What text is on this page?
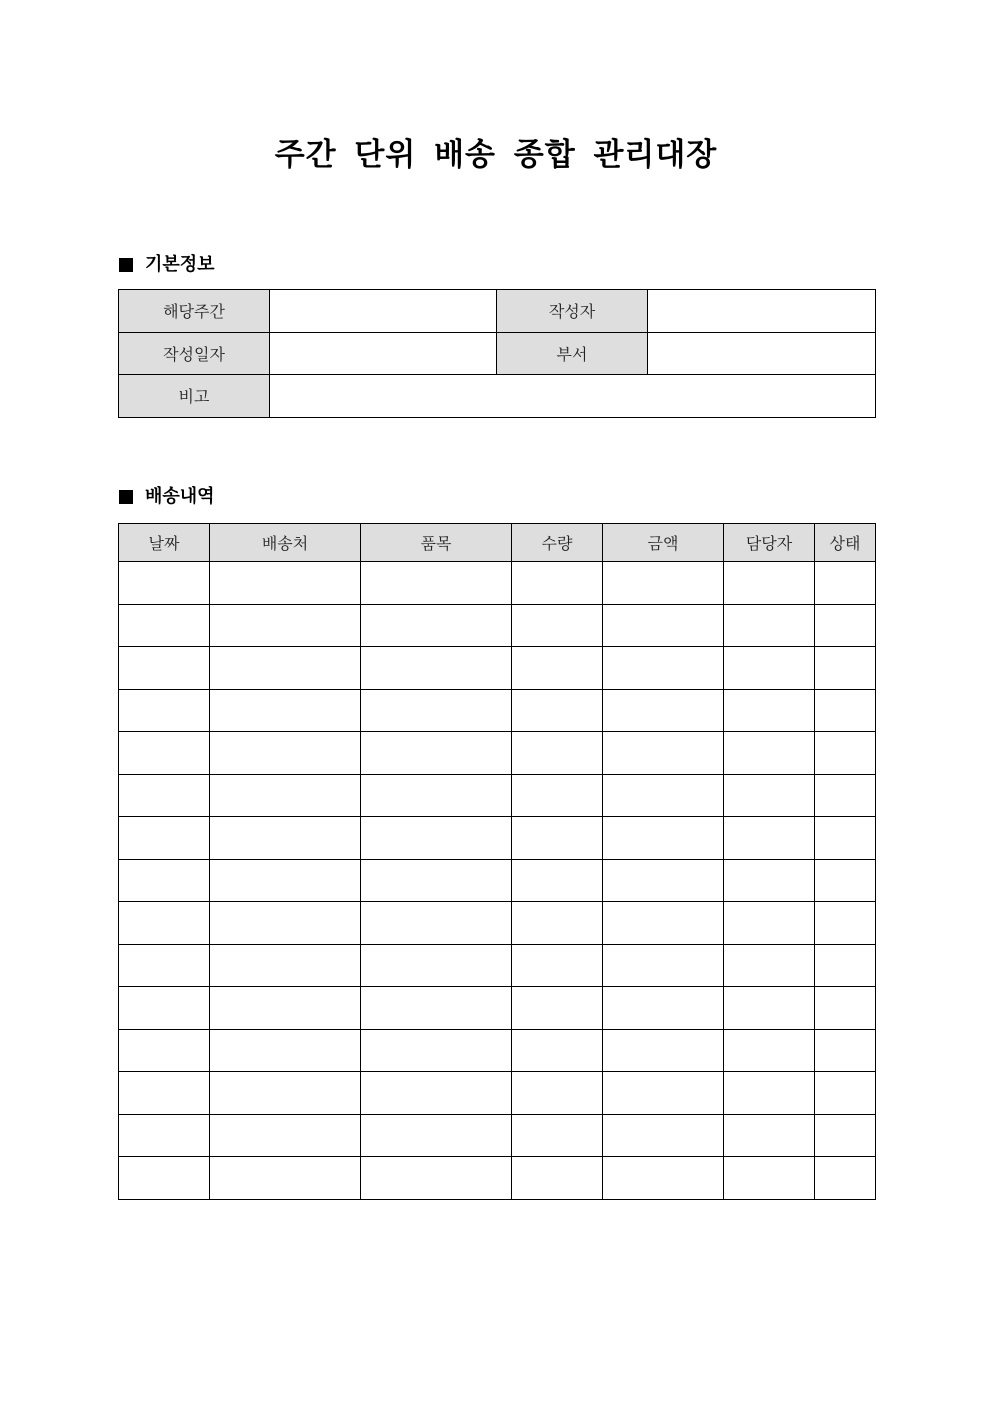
주간 단위 배송 종합 관리대장
기본정보
해당주간		작성자	
작성일자		부서	
비고			
배송내역
날짜	배송처	품목	수량	금액	담당자	상태
